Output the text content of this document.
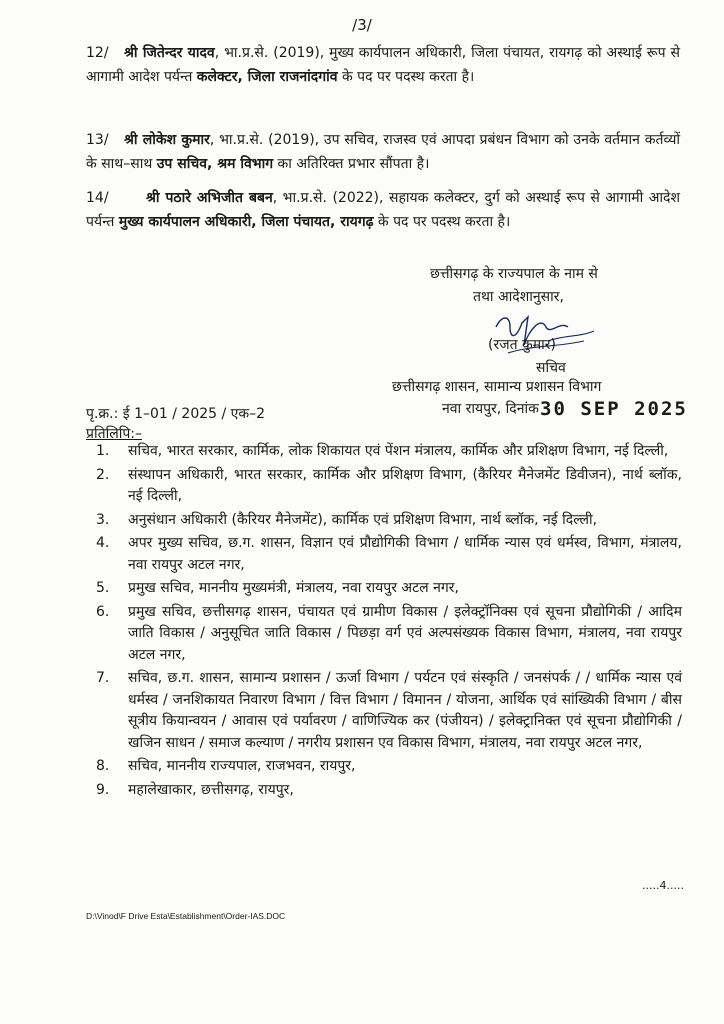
/3/
12/ श्री जितेन्दर यादव, भा.प्र.से. (2019), मुख्य कार्यपालन अधिकारी, जिला पंचायत, रायगढ़ को अस्थाई रूप से आगामी आदेश पर्यन्त कलेक्टर, जिला राजनांदगांव के पद पर पदस्थ करता है।
13/ श्री लोकेश कुमार, भा.प्र.से. (2019), उप सचिव, राजस्व एवं आपदा प्रबंधन विभाग को उनके वर्तमान कर्तव्यों के साथ–साथ उप सचिव, श्रम विभाग का अतिरिक्त प्रभार सौंपता है।
14/	श्री पठारे अभिजीत बबन, भा.प्र.से. (2022), सहायक कलेक्टर, दुर्ग को अस्थाई रूप से आगामी आदेश पर्यन्त मुख्य कार्यपालन अधिकारी, जिला पंचायत, रायगढ़ के पद पर पदस्थ करता है।
छत्तीसगढ़ के राज्यपाल के नाम से
तथा आदेशानुसार,
(रजत कुमार)
सचिव
छत्तीसगढ़ शासन, सामान्य प्रशासन विभाग
नवा रायपुर, दिनांक 30 SEP 2025
पृ.क्र.: ई 1–01 / 2025 / एक–2
प्रतिलिपि:–
1.	सचिव, भारत सरकार, कार्मिक, लोक शिकायत एवं पेंशन मंत्रालय, कार्मिक और प्रशिक्षण विभाग, नई दिल्ली,
2.	संस्थापन अधिकारी, भारत सरकार, कार्मिक और प्रशिक्षण विभाग, (कैरियर मैनेजमेंट डिवीजन), नार्थ ब्लॉक, नई दिल्ली,
3.	अनुसंधान अधिकारी (कैरियर मैनेजमेंट), कार्मिक एवं प्रशिक्षण विभाग, नार्थ ब्लॉक, नई दिल्ली,
4.	अपर मुख्य सचिव, छ.ग. शासन, विज्ञान एवं प्रौद्योगिकी विभाग / धार्मिक न्यास एवं धर्मस्व, विभाग, मंत्रालय, नवा रायपुर अटल नगर,
5.	प्रमुख सचिव, माननीय मुख्यमंत्री, मंत्रालय, नवा रायपुर अटल नगर,
6.	प्रमुख सचिव, छत्तीसगढ़ शासन, पंचायत एवं ग्रामीण विकास / इलेक्ट्रॉनिक्स एवं सूचना प्रौद्योगिकी / आदिम जाति विकास / अनुसूचित जाति विकास / पिछड़ा वर्ग एवं अल्पसंख्यक विकास विभाग, मंत्रालय, नवा रायपुर अटल नगर,
7.	सचिव, छ.ग. शासन, सामान्य प्रशासन / ऊर्जा विभाग / पर्यटन एवं संस्कृति / जनसंपर्क / / धार्मिक न्यास एवं धर्मस्व / जनशिकायत निवारण विभाग / वित्त विभाग / विमानन / योजना, आर्थिक एवं सांख्यिकी विभाग / बीस सूत्रीय कियान्वयन / आवास एवं पर्यावरण / वाणिज्यिक कर (पंजीयन) / इलेक्ट्रानिक्त एवं सूचना प्रौद्योगिकी / खजिन साधन / समाज कल्याण / नगरीय प्रशासन एव विकास विभाग, मंत्रालय, नवा रायपुर अटल नगर,
8.	सचिव, माननीय राज्यपाल, राजभवन, रायपुर,
9.	महालेखाकार, छत्तीसगढ़, रायपुर,
.....4.....
D:\Vinod\F Drive Esta\Establishment\Order-IAS.DOC
